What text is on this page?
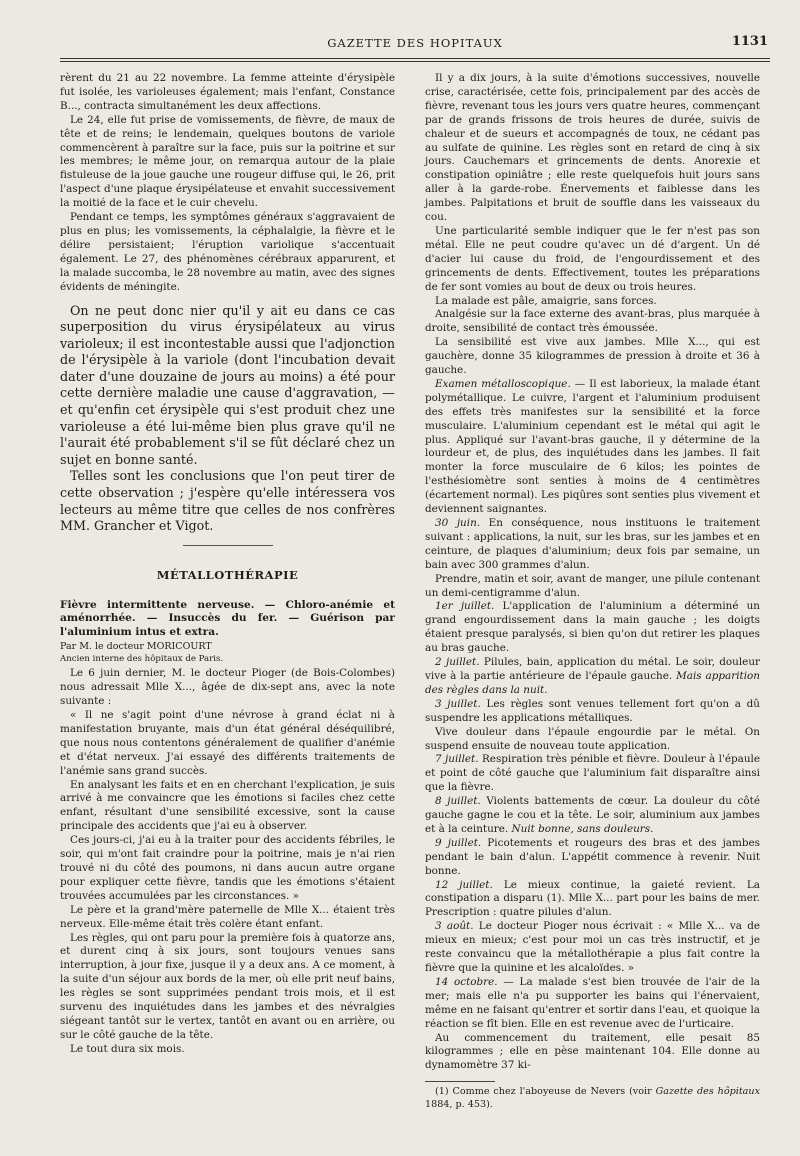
GAZETTE DES HOPITAUX	1131

rèrent du 21 au 22 novembre. La femme atteinte d'érysipèle fut isolée, les varioleuses également; mais l'enfant, Constance B..., contracta simultanément les deux affections.

Le 24, elle fut prise de vomissements, de fièvre, de maux de tête et de reins; le lendemain, quelques boutons de variole commencèrent à paraître sur la face, puis sur la poitrine et sur les membres; le même jour, on remarqua autour de la plaie fistuleuse de la joue gauche une rougeur diffuse qui, le 26, prit l'aspect d'une plaque érysipélateuse et envahit successivement la moitié de la face et le cuir chevelu.

Pendant ce temps, les symptômes généraux s'aggravaient de plus en plus; les vomissements, la céphalalgie, la fièvre et le délire persistaient; l'éruption variolique s'accentuait également. Le 27, des phénomènes cérébraux apparurent, et la malade succomba, le 28 novembre au matin, avec des signes évidents de méningite.

On ne peut donc nier qu'il y ait eu dans ce cas superposition du virus érysipélateux au virus varioleux; il est incontestable aussi que l'adjonction de l'érysipèle à la variole (dont l'incubation devait dater d'une douzaine de jours au moins) a été pour cette dernière maladie une cause d'aggravation, — et qu'enfin cet érysipèle qui s'est produit chez une varioleuse a été lui-même bien plus grave qu'il ne l'aurait été probablement s'il se fût déclaré chez un sujet en bonne santé.

Telles sont les conclusions que l'on peut tirer de cette observation ; j'espère qu'elle intéressera vos lecteurs au même titre que celles de nos confrères MM. Grancher et Vigot.

MÉTALLOTHÉRAPIE

Fièvre intermittente nerveuse. — Chloro-anémie et aménorrhée. — Insuccès du fer. — Guérison par l'aluminium intus et extra.

Par M. le docteur MORICOURT

Ancien interne des hôpitaux de Paris.

Le 6 juin dernier, M. le docteur Pioger (de Bois-Colombes) nous adressait Mlle X..., âgée de dix-sept ans, avec la note suivante :

« Il ne s'agit point d'une névrose à grand éclat ni à manifestation bruyante, mais d'un état général déséquilibré, que nous nous contentons généralement de qualifier d'anémie et d'état nerveux. J'ai essayé des différents traitements de l'anémie sans grand succès.

En analysant les faits et en en cherchant l'explication, je suis arrivé à me convaincre que les émotions si faciles chez cette enfant, résultant d'une sensibilité excessive, sont la cause principale des accidents que j'ai eu à observer.

Ces jours-ci, j'ai eu à la traiter pour des accidents fébriles, le soir, qui m'ont fait craindre pour la poitrine, mais je n'ai rien trouvé ni du côté des poumons, ni dans aucun autre organe pour expliquer cette fièvre, tandis que les émotions s'étaient trouvées accumulées par les circonstances. »

Le père et la grand'mère paternelle de Mlle X... étaient très nerveux. Elle-même était très colère étant enfant.

Les règles, qui ont paru pour la première fois à quatorze ans, et durent cinq à six jours, sont toujours venues sans interruption, à jour fixe, jusque il y a deux ans. A ce moment, à la suite d'un séjour aux bords de la mer, où elle prit neuf bains, les règles se sont supprimées pendant trois mois, et il est survenu des inquiétudes dans les jambes et des névralgies siégeant tantôt sur le vertex, tantôt en avant ou en arrière, ou sur le côté gauche de la tête.

Le tout dura six mois.

Il y a dix jours, à la suite d'émotions successives, nouvelle crise, caractérisée, cette fois, principalement par des accès de fièvre, revenant tous les jours vers quatre heures, commençant par de grands frissons de trois heures de durée, suivis de chaleur et de sueurs et accompagnés de toux, ne cédant pas au sulfate de quinine. Les règles sont en retard de cinq à six jours. Cauchemars et grincements de dents. Anorexie et constipation opiniâtre ; elle reste quelquefois huit jours sans aller à la garde-robe. Énervements et faiblesse dans les jambes. Palpitations et bruit de souffle dans les vaisseaux du cou.

Une particularité semble indiquer que le fer n'est pas son métal. Elle ne peut coudre qu'avec un dé d'argent. Un dé d'acier lui cause du froid, de l'engourdissement et des grincements de dents. Effectivement, toutes les préparations de fer sont vomies au bout de deux ou trois heures.

La malade est pâle, amaigrie, sans forces.

Analgésie sur la face externe des avant-bras, plus marquée à droite, sensibilité de contact très émoussée.

La sensibilité est vive aux jambes. Mlle X..., qui est gauchère, donne 35 kilogrammes de pression à droite et 36 à gauche.

Examen métalloscopique. — Il est laborieux, la malade étant polymétallique. Le cuivre, l'argent et l'aluminium produisent des effets très manifestes sur la sensibilité et la force musculaire. L'aluminium cependant est le métal qui agit le plus. Appliqué sur l'avant-bras gauche, il y détermine de la lourdeur et, de plus, des inquiétudes dans les jambes. Il fait monter la force musculaire de 6 kilos; les pointes de l'esthésiomètre sont senties à moins de 4 centimètres (écartement normal). Les piqûres sont senties plus vivement et deviennent saignantes.

30 juin. En conséquence, nous instituons le traitement suivant : applications, la nuit, sur les bras, sur les jambes et en ceinture, de plaques d'aluminium; deux fois par semaine, un bain avec 300 grammes d'alun.

Prendre, matin et soir, avant de manger, une pilule contenant un demi-centigramme d'alun.

1er juillet. L'application de l'aluminium a déterminé un grand engourdissement dans la main gauche ; les doigts étaient presque paralysés, si bien qu'on dut retirer les plaques au bras gauche.

2 juillet. Pilules, bain, application du métal. Le soir, douleur vive à la partie antérieure de l'épaule gauche. Mais apparition des règles dans la nuit.

3 juillet. Les règles sont venues tellement fort qu'on a dû suspendre les applications métalliques.

Vive douleur dans l'épaule engourdie par le métal. On suspend ensuite de nouveau toute application.

7 juillet. Respiration très pénible et fièvre. Douleur à l'épaule et point de côté gauche que l'aluminium fait disparaître ainsi que la fièvre.

8 juillet. Violents battements de cœur. La douleur du côté gauche gagne le cou et la tête. Le soir, aluminium aux jambes et à la ceinture. Nuit bonne, sans douleurs.

9 juillet. Picotements et rougeurs des bras et des jambes pendant le bain d'alun. L'appétit commence à revenir. Nuit bonne.

12 juillet. Le mieux continue, la gaieté revient. La constipation a disparu (1). Mlle X... part pour les bains de mer. Prescription : quatre pilules d'alun.

3 août. Le docteur Pioger nous écrivait : « Mlle X... va de mieux en mieux; c'est pour moi un cas très instructif, et je reste convaincu que la métallothérapie a plus fait contre la fièvre que la quinine et les alcaloïdes. »

14 octobre. — La malade s'est bien trouvée de l'air de la mer; mais elle n'a pu supporter les bains qui l'énervaient, même en ne faisant qu'entrer et sortir dans l'eau, et quoique la réaction se fît bien. Elle en est revenue avec de l'urticaire.

Au commencement du traitement, elle pesait 85 kilogrammes ; elle en pèse maintenant 104. Elle donne au dynamomètre 37 ki-

(1) Comme chez l'aboyeuse de Nevers (voir Gazette des hôpitaux 1884, p. 453).
